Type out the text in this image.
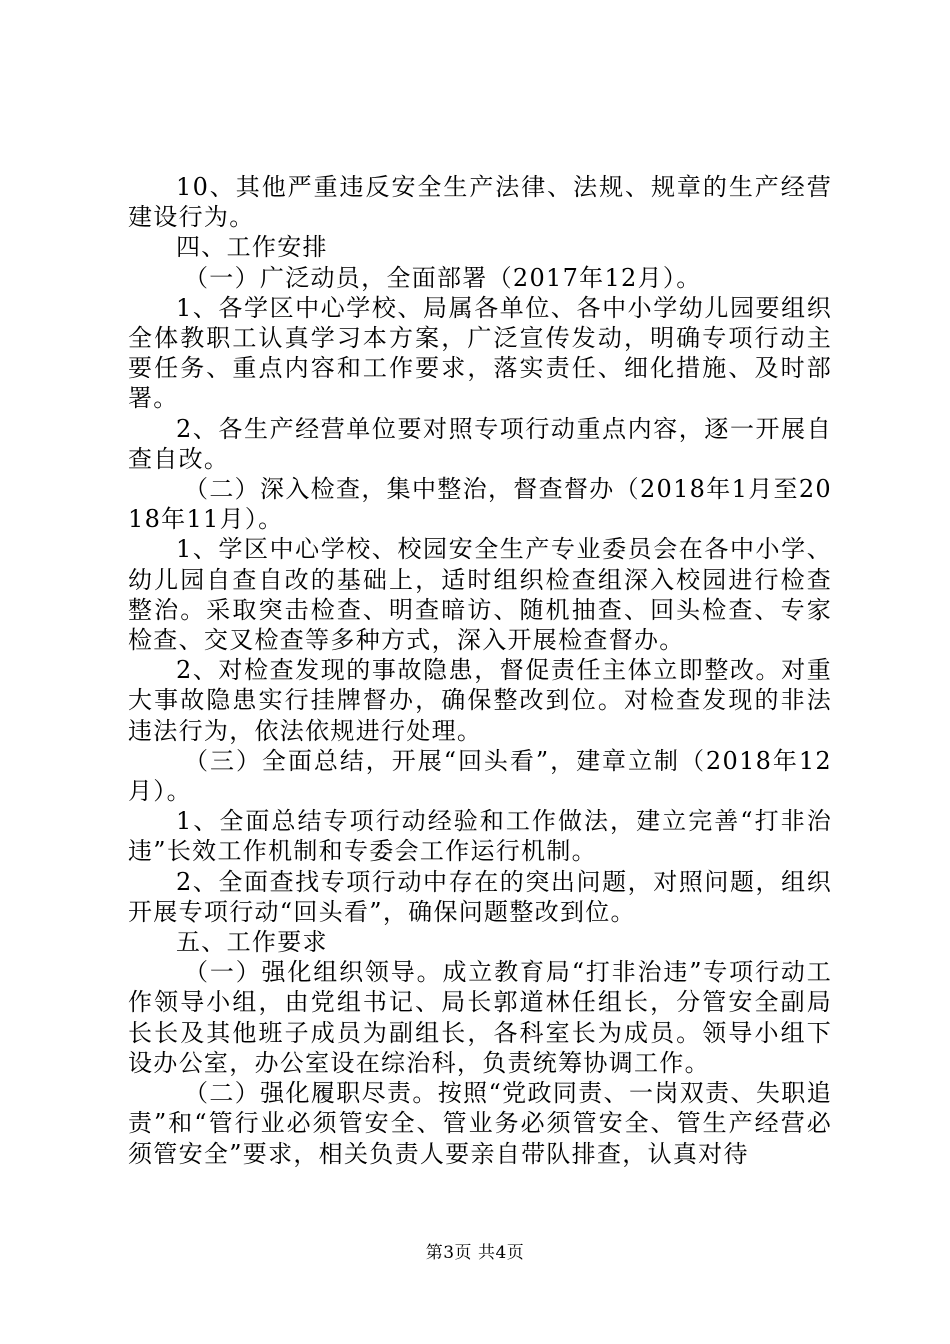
10、其他严重违反安全生产法律、法规、规章的生产经营建设行为。

四、工作安排

（一）广泛动员，全面部署（2017年12月）。

1、各学区中心学校、局属各单位、各中小学幼儿园要组织全体教职工认真学习本方案，广泛宣传发动，明确专项行动主要任务、重点内容和工作要求，落实责任、细化措施、及时部署。

2、各生产经营单位要对照专项行动重点内容，逐一开展自查自改。

（二）深入检查，集中整治，督查督办（2018年1月至2018年11月）。

1、学区中心学校、校园安全生产专业委员会在各中小学、幼儿园自查自改的基础上，适时组织检查组深入校园进行检查整治。采取突击检查、明查暗访、随机抽查、回头检查、专家检查、交叉检查等多种方式，深入开展检查督办。

2、对检查发现的事故隐患，督促责任主体立即整改。对重大事故隐患实行挂牌督办，确保整改到位。对检查发现的非法违法行为，依法依规进行处理。

（三）全面总结，开展“回头看”，建章立制（2018年12月）。

1、全面总结专项行动经验和工作做法，建立完善“打非治违”长效工作机制和专委会工作运行机制。

2、全面查找专项行动中存在的突出问题，对照问题，组织开展专项行动“回头看”，确保问题整改到位。

五、工作要求

（一）强化组织领导。成立教育局“打非治违”专项行动工作领导小组，由党组书记、局长郭道林任组长，分管安全副局长长及其他班子成员为副组长，各科室长为成员。领导小组下设办公室，办公室设在综治科，负责统筹协调工作。

（二）强化履职尽责。按照“党政同责、一岗双责、失职追责”和“管行业必须管安全、管业务必须管安全、管生产经营必须管安全”要求，相关负责人要亲自带队排查，认真对待

第3页 共4页
